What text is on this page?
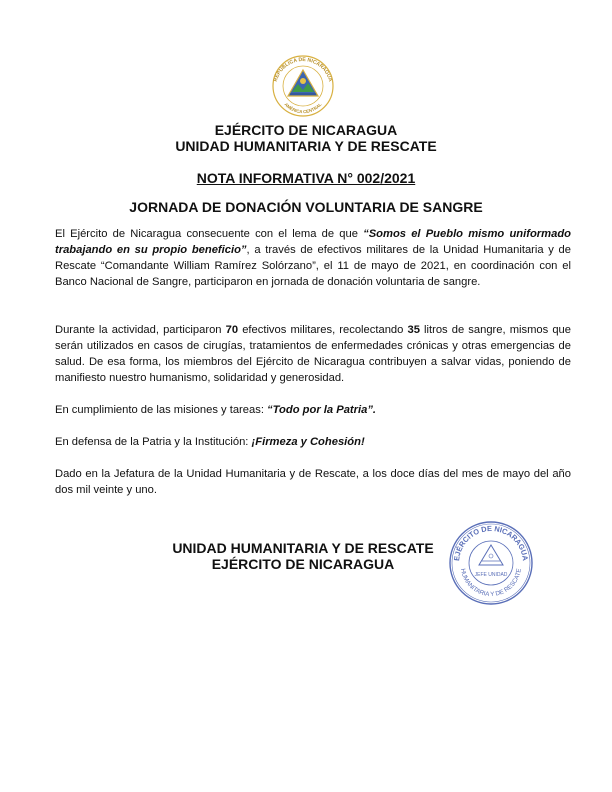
REPÚBLICA DE NICARAGUA
AMÉRICA CENTRAL
EJÉRCITO DE NICARAGUA
UNIDAD HUMANITARIA Y DE RESCATE
NOTA INFORMATIVA N° 002/2021
JORNADA DE DONACIÓN VOLUNTARIA DE SANGRE

El Ejército de Nicaragua consecuente con el lema de que “Somos el Pueblo mismo uniformado trabajando en su propio beneficio”, a través de efectivos militares de la Unidad Humanitaria y de Rescate “Comandante William Ramírez Solórzano”, el 11 de mayo de 2021, en coordinación con el Banco Nacional de Sangre, participaron en jornada de donación voluntaria de sangre.

Durante la actividad, participaron 70 efectivos militares, recolectando 35 litros de sangre, mismos que serán utilizados en casos de cirugías, tratamientos de enfermedades crónicas y otras emergencias de salud. De esa forma, los miembros del Ejército de Nicaragua contribuyen a salvar vidas, poniendo de manifiesto nuestro humanismo, solidaridad y generosidad.

En cumplimiento de las misiones y tareas: “Todo por la Patria”.

En defensa de la Patria y la Institución: ¡Firmeza y Cohesión!

Dado en la Jefatura de la Unidad Humanitaria y de Rescate, a los doce días del mes de mayo del año dos mil veinte y uno.

UNIDAD HUMANITARIA Y DE RESCATE
EJÉRCITO DE NICARAGUA	EJÉRCITO DE NICARAGUA
HUMANITARIA Y DE RESCATE
JEFE UNIDAD
